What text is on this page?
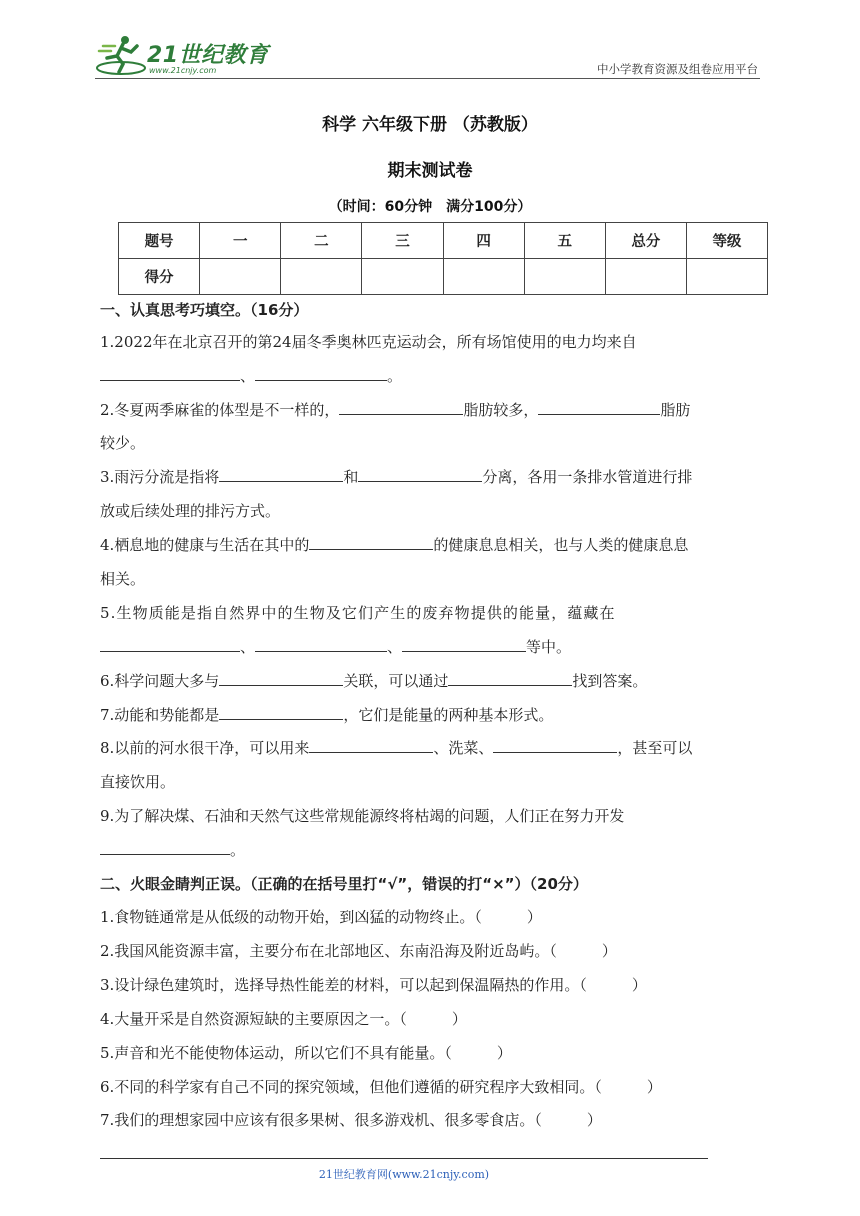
21世纪教育
www.21cnjy.com	中小学教育资源及组卷应用平台
科学 六年级下册 （苏教版）
期末测试卷
（时间：60分钟　满分100分）
题号	一	二	三	四	五	总分	等级
得分							
一、认真思考巧填空。（16分）
1.2022年在北京召开的第24届冬季奥林匹克运动会，所有场馆使用的电力均来自
、	。
2.冬夏两季麻雀的体型是不一样的，	脂肪较多，	脂肪
较少。
3.雨污分流是指将	和	分离，各用一条排水管道进行排
放或后续处理的排污方式。
4.栖息地的健康与生活在其中的	的健康息息相关，也与人类的健康息息
相关。
5.生物质能是指自然界中的生物及它们产生的废弃物提供的能量，蕴藏在
、	、	等中。
6.科学问题大多与	关联，可以通过	找到答案。
7.动能和势能都是	，它们是能量的两种基本形式。
8.以前的河水很干净，可以用来	、洗菜、	，甚至可以
直接饮用。
9.为了解决煤、石油和天然气这些常规能源终将枯竭的问题，人们正在努力开发
。
二、火眼金睛判正误。（正确的在括号里打“√”，错误的打“×”）（20分）
1.食物链通常是从低级的动物开始，到凶猛的动物终止。（　　　）
2.我国风能资源丰富，主要分布在北部地区、东南沿海及附近岛屿。（　　　）
3.设计绿色建筑时，选择导热性能差的材料，可以起到保温隔热的作用。（　　　）
4.大量开采是自然资源短缺的主要原因之一。（　　　）
5.声音和光不能使物体运动，所以它们不具有能量。（　　　）
6.不同的科学家有自己不同的探究领域，但他们遵循的研究程序大致相同。（　　　）
7.我们的理想家园中应该有很多果树、很多游戏机、很多零食店。（　　　）
21世纪教育网(www.21cnjy.com)
